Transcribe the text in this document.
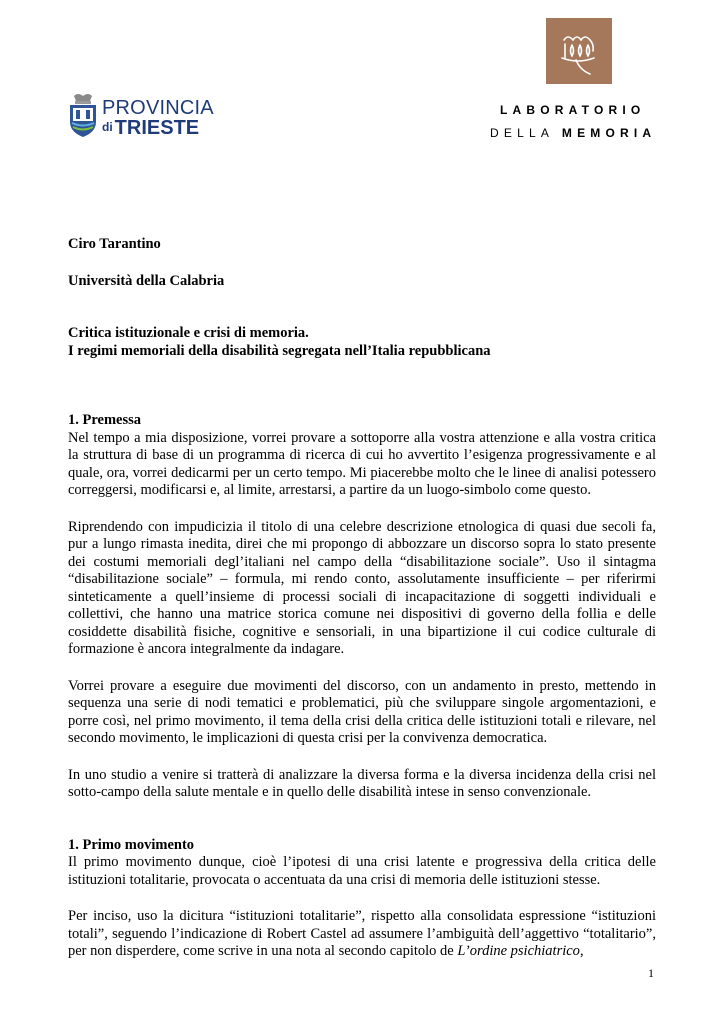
PROVINCIA
di TRIESTE
LABORATORIO
DELLA MEMORIA

Ciro Tarantino

Università della Calabria

Critica istituzionale e crisi di memoria.

I regimi memoriali della disabilità segregata nell’Italia repubblicana

1. Premessa

Nel tempo a mia disposizione, vorrei provare a sottoporre alla vostra attenzione e alla vostra critica la struttura di base di un programma di ricerca di cui ho avvertito l’esigenza progressivamente e al quale, ora, vorrei dedicarmi per un certo tempo. Mi piacerebbe molto che le linee di analisi potessero correggersi, modificarsi e, al limite, arrestarsi, a partire da un luogo-simbolo come questo.

Riprendendo con impudicizia il titolo di una celebre descrizione etnologica di quasi due secoli fa, pur a lungo rimasta inedita, direi che mi propongo di abbozzare un discorso sopra lo stato presente dei costumi memoriali degl’italiani nel campo della “disabilitazione sociale”. Uso il sintagma “disabilitazione sociale” – formula, mi rendo conto, assolutamente insufficiente – per riferirmi sinteticamente a quell’insieme di processi sociali di incapacitazione di soggetti individuali e collettivi, che hanno una matrice storica comune nei dispositivi di governo della follia e delle cosiddette disabilità fisiche, cognitive e sensoriali, in una bipartizione il cui codice culturale di formazione è ancora integralmente da indagare.

Vorrei provare a eseguire due movimenti del discorso, con un andamento in presto, mettendo in sequenza una serie di nodi tematici e problematici, più che sviluppare singole argomentazioni, e porre così, nel primo movimento, il tema della crisi della critica delle istituzioni totali e rilevare, nel secondo movimento, le implicazioni di questa crisi per la convivenza democratica.

In uno studio a venire si tratterà di analizzare la diversa forma e la diversa incidenza della crisi nel sotto-campo della salute mentale e in quello delle disabilità intese in senso convenzionale.

1. Primo movimento

Il primo movimento dunque, cioè l’ipotesi di una crisi latente e progressiva della critica delle istituzioni totalitarie, provocata o accentuata da una crisi di memoria delle istituzioni stesse.

Per inciso, uso la dicitura “istituzioni totalitarie”, rispetto alla consolidata espressione “istituzioni totali”, seguendo l’indicazione di Robert Castel ad assumere l’ambiguità dell’aggettivo “totalitario”, per non disperdere, come scrive in una nota al secondo capitolo de L’ordine psichiatrico,

1
